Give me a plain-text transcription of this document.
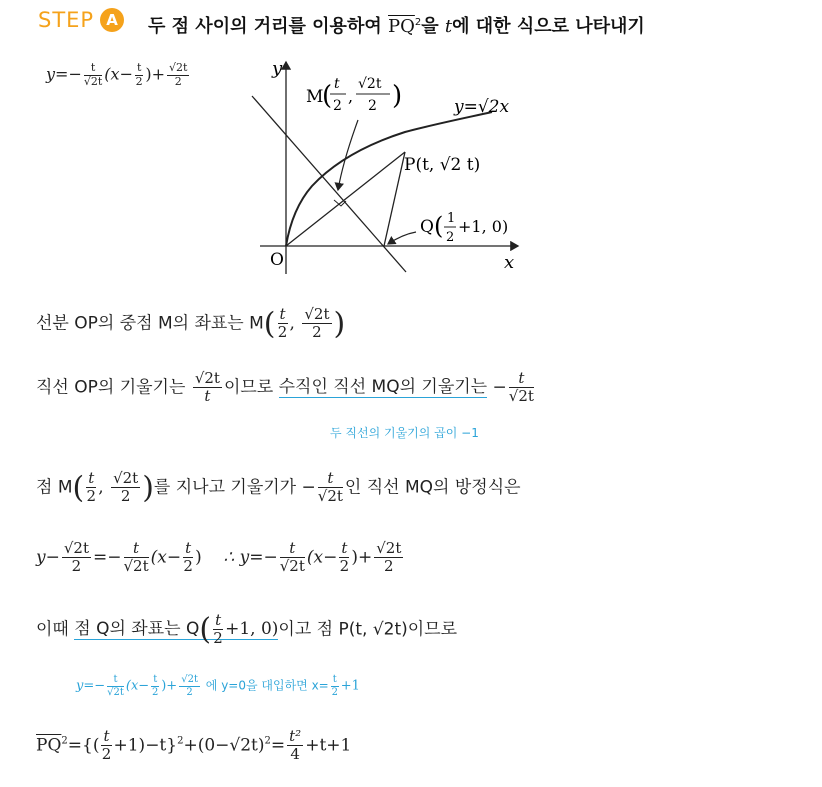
STEP A	두 점 사이의 거리를 이용하여 $\overline{PQ}^2$을 t에 대한 식으로 나타내기
$y=- \frac{t}{√2t} (x- \frac{t}{2}$ )+ $\frac{√2t}{2}$
O	x
y
y=√2x
P(t, √2 t)
M
( t
2 ,
√2t
2 )
Q ( 1
2
+1, 0)
선분 OP의 중점 M의 좌표는 $M( \frac{t}{2}$ , $\frac{√2t}{2}$ )
직선 OP의 기울기는 $\frac{√2t}{t}$ 이므로 수직인 직선 MQ의 기울기는 − $\frac{t}{√2t}$
두 직선의 기울기의 곱이 −1
점 $M( \frac{t}{2}$ , $\frac{√2t}{2}$ )를 지나고 기울기가 − $\frac{t}{√2t}$ 인 직선 MQ의 방정식은
$y- \frac{√2t}{2} =- \frac{t}{√2t} (x- \frac{t}{2}$ ) ∴ $y=- \frac{t}{√2t} (x- \frac{t}{2}$ )+ $\frac{√2t}{2}$
이때 점 Q의 좌표는 $Q( \frac{t}{2} +1$, 0)이고 점 P(t, √2t)이므로
$y=- \frac{t}{√2t} (x- \frac{t}{2}$ )+ $\frac{√2t}{2}$ 에 y=0을 대입하면 $x= \frac{t}{2} +1$
$\overline{PQ}^2=\{( \frac{t}{2} +1)-t\}^2+(0-√2t)^2= \frac{\text{t²}}{4} +t+1$
